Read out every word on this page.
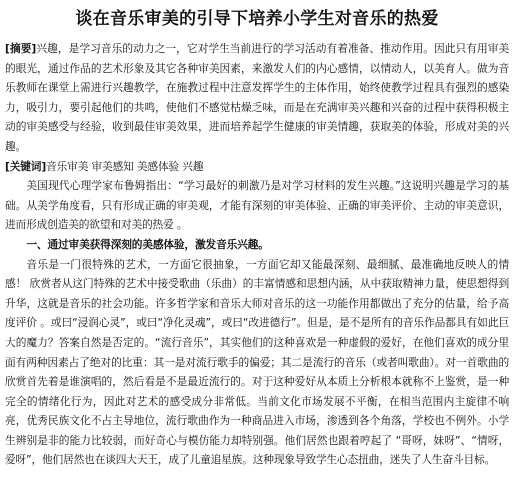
谈在音乐审美的引导下培养小学生对音乐的热爱

[摘要]兴趣，是学习音乐的动力之一，它对学生当前进行的学习活动有着准备、推动作用。因此只有用审美的眼光，通过作品的艺术形象及其它各种审美因素，来激发人们的内心感情，以情动人，以美育人。做为音乐教师在课堂上需进行兴趣教学，在施教过程中注意发挥学生的主体作用，始终使教学过程具有强烈的感染力，吸引力，要引起他们的共鸣，使他们不感觉枯燥乏味，而是在充满审美兴趣和兴奋的过程中获得积极主动的审美感受与经验，收到最佳审美效果，进而培养起学生健康的审美情趣，获取美的体验，形成对美的兴趣。

[关键词]音乐审美 审美感知 美感体验 兴趣

美国现代心理学家布鲁姆指出：“学习最好的刺激乃是对学习材料的发生兴趣。”这说明兴趣是学习的基础。从美学角度看，只有形成正确的审美观，才能有深刻的审美体验、正确的审美评价、主动的审美意识，进而形成创造美的欲望和对美的热爱 。

一、通过审美获得深刻的美感体验，激发音乐兴趣。

音乐是一门很特殊的艺术，一方面它很抽象，一方面它却又能最深刻、最细腻、最准确地反映人的情感！ 欣赏者从这门特殊的艺术中接受歌曲（乐曲）的丰富情感和思想内涵，从中获取精神力量，使思想得到升华，这就是音乐的社会功能。许多哲学家和音乐大师对音乐的这一功能作用都做出了充分的估量，给予高度评价 。或曰“浸润心灵”，或曰“净化灵魂”，或曰“改进德行”。但是，是不是所有的音乐作品都具有如此巨大的魔力？答案自然是否定的。“流行音乐”，其实他们的这种喜欢是一种虚假的爱好，在他们喜欢的成分里面有两种因素占了绝对的比重：其一是对流行歌手的偏爱；其二是流行的音乐（或者叫歌曲）。对一首歌曲的欣赏首先着是谁演唱的，然后看是不是最近流行的。对于这种爱好从本质上分析根本就称不上鉴赏，是一种完全的情绪化行为，因此对艺术的感受成分非常低。当前文化市场发展不平衡，在相当范围内主旋律不响亮，优秀民族文化不占主导地位，流行歌曲作为一种商品进入市场，渗透到各个角落，学校也不例外。小学生辨别是非的能力比较弱，而好奇心与模仿能力却特别强。他们居然也跟着哼起了 “哥呀，妹呀”、“情呀，爱呀”，他们居然也在谈四大天王，成了儿童追星族。这种现象导致学生心态扭曲，迷失了人生奋斗目标。
